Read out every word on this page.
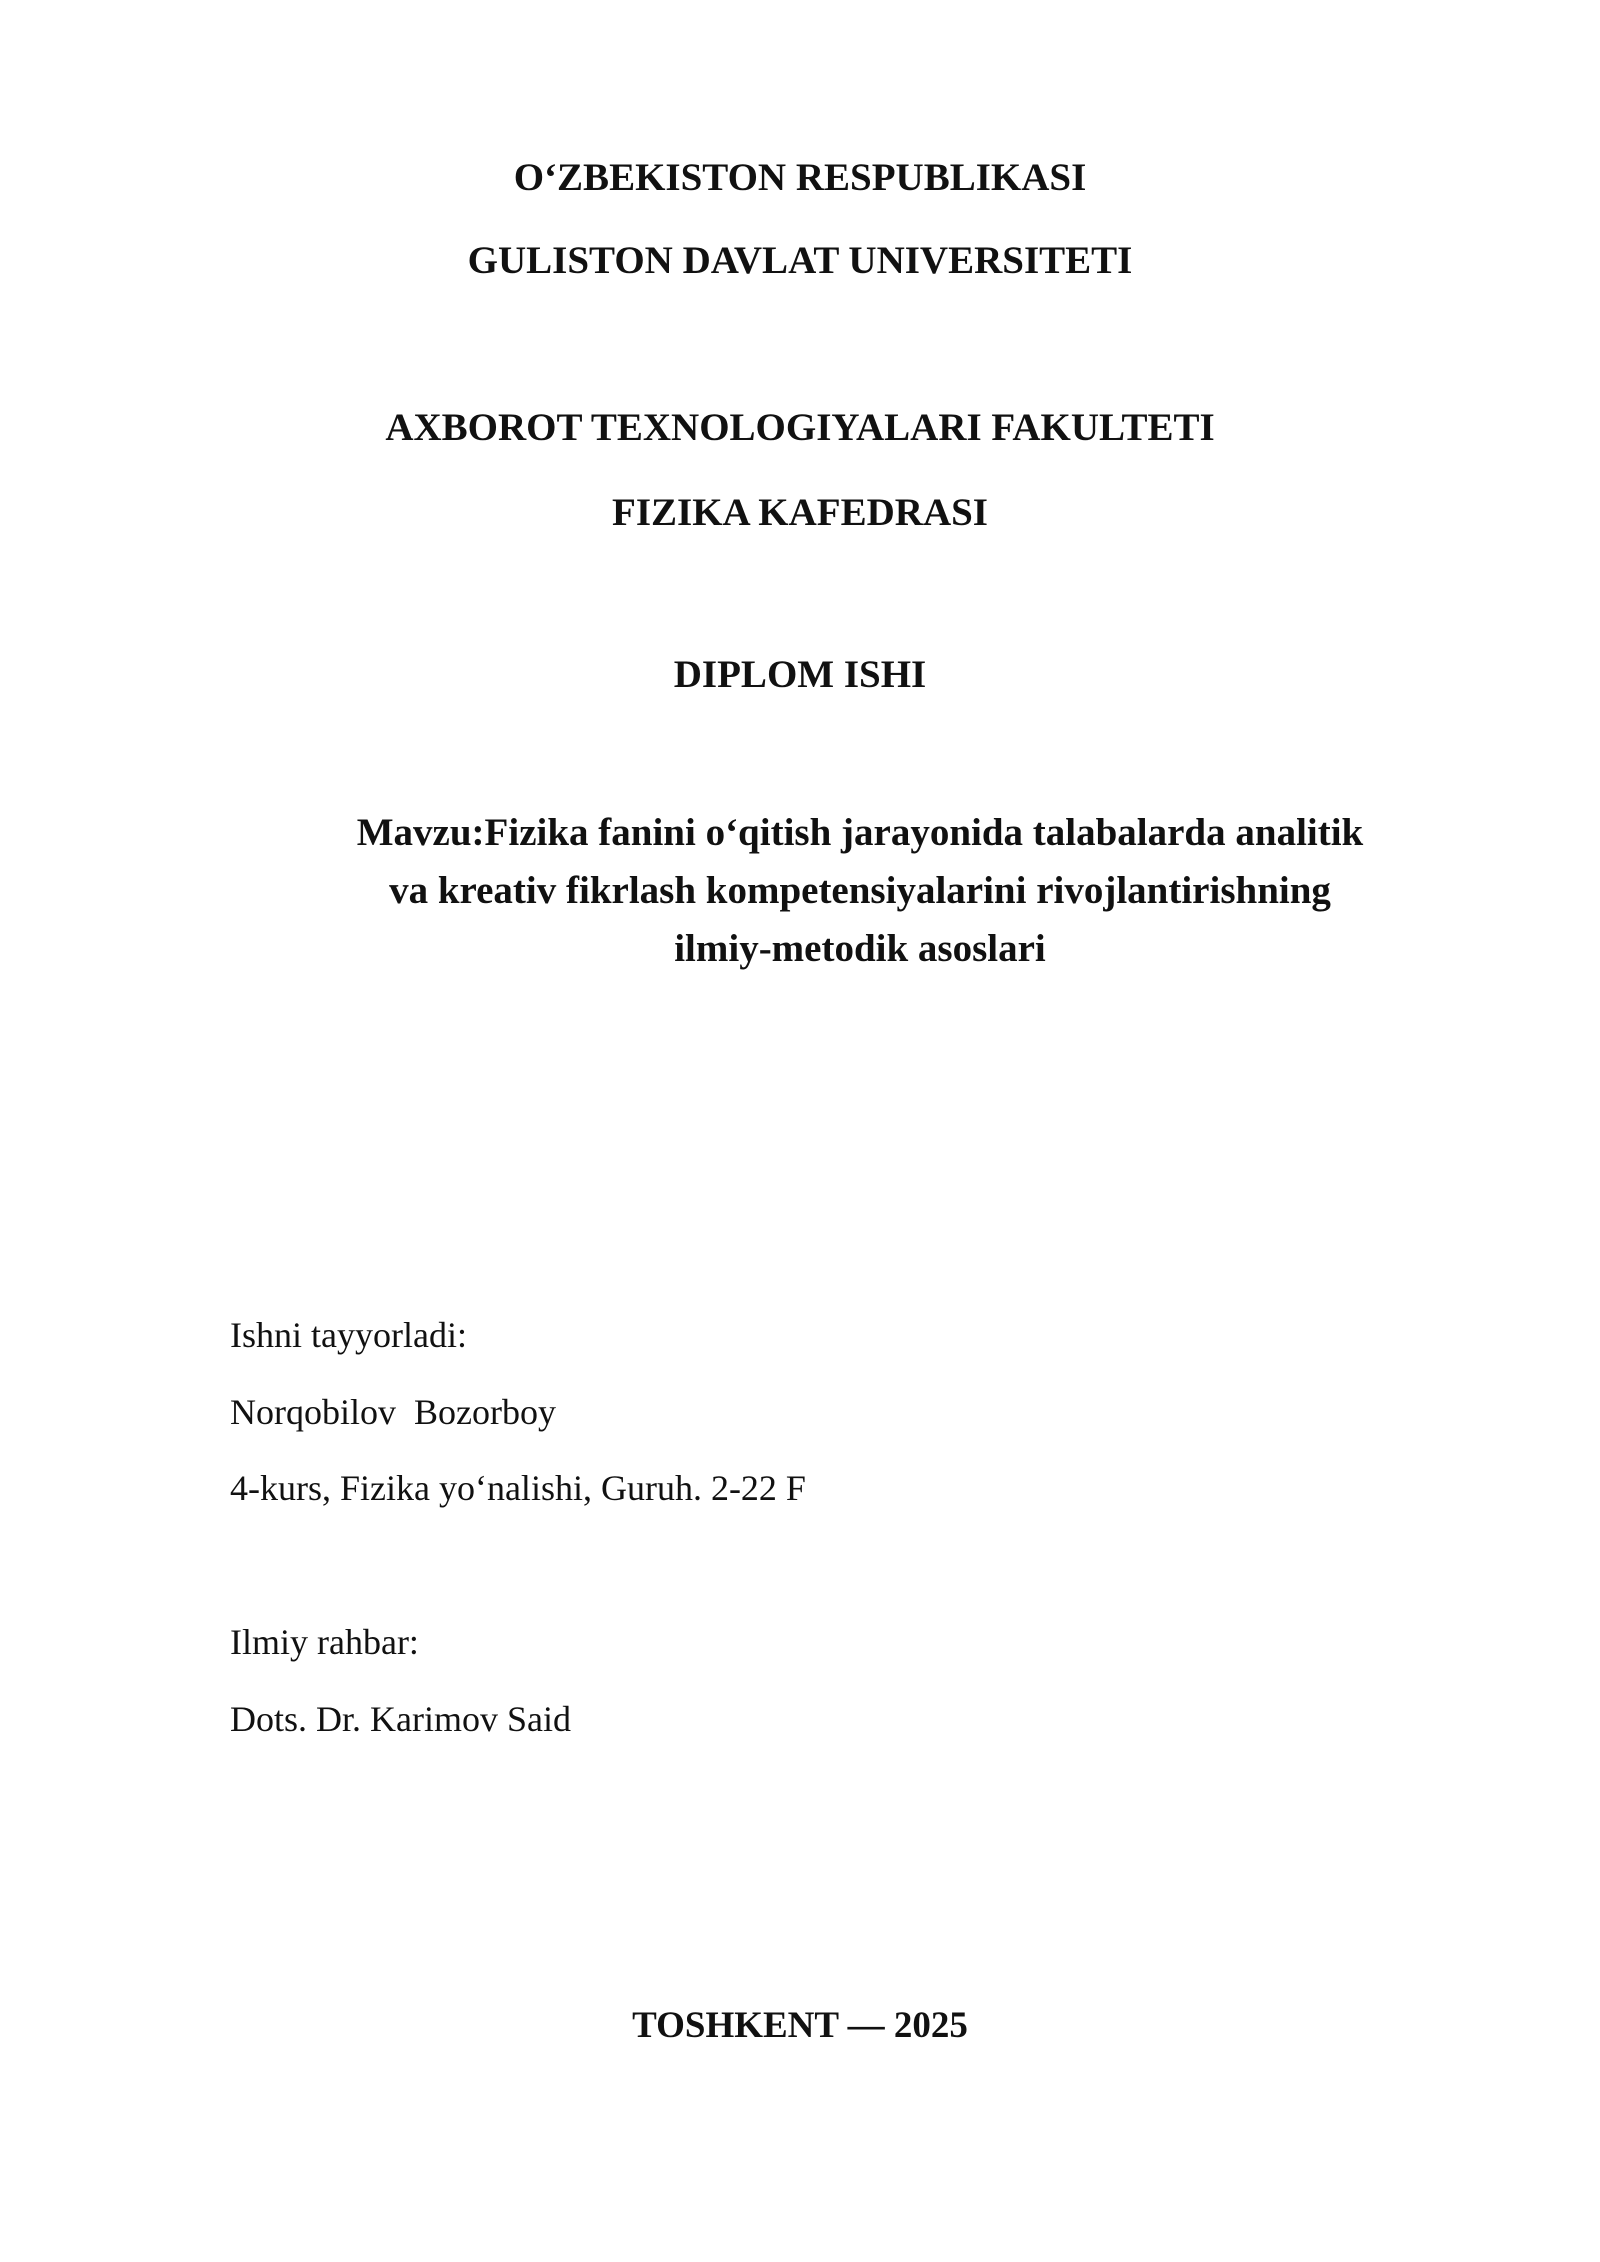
O‘ZBEKISTON RESPUBLIKASI
GULISTON DAVLAT UNIVERSITETI
AXBOROT TEXNOLOGIYALARI FAKULTETI
FIZIKA KAFEDRASI
DIPLOM ISHI
Mavzu:Fizika fanini o‘qitish jarayonida talabalarda analitik
va kreativ fikrlash kompetensiyalarini rivojlantirishning
ilmiy-metodik asoslari
Ishni tayyorladi:
Norqobilov  Bozorboy
4-kurs, Fizika yo‘nalishi, Guruh. 2-22 F
Ilmiy rahbar:
Dots. Dr. Karimov Said
TOSHKENT — 2025
